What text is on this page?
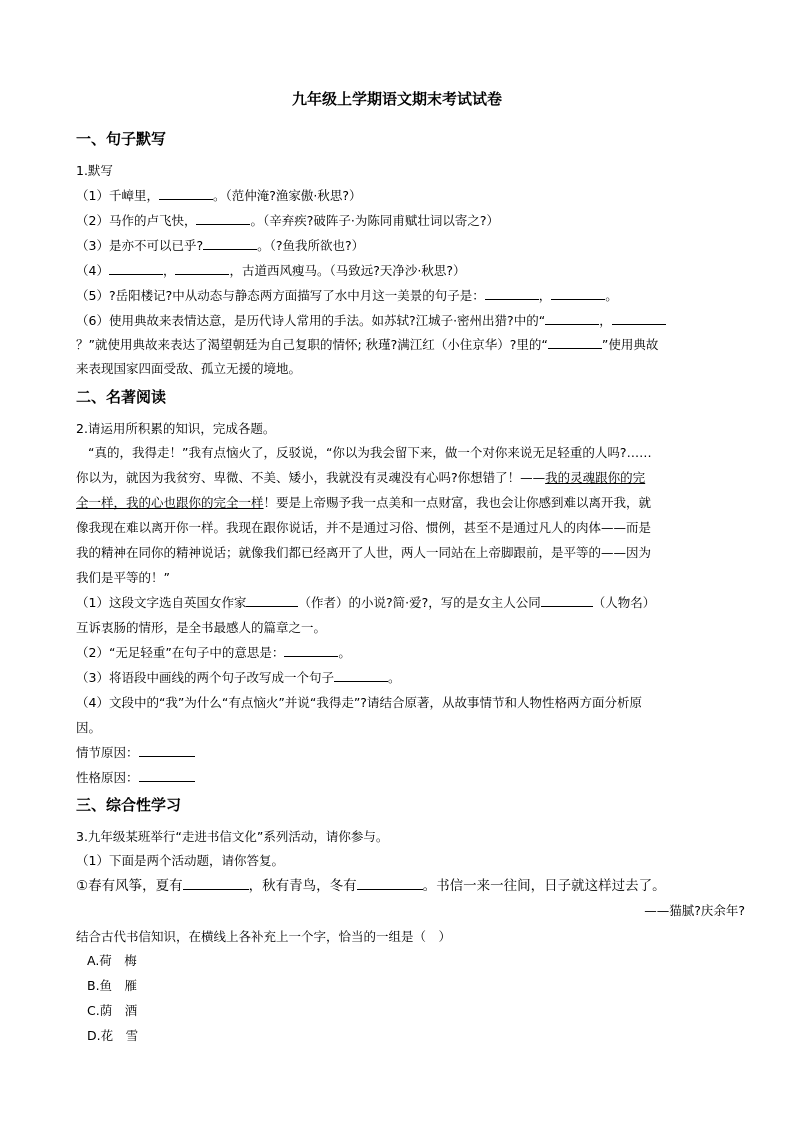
九年级上学期语文期末考试试卷
一、句子默写
1.默写
（1）千嶂里，	。（范仲淹?渔家傲·秋思?）
（2）马作的卢飞快，	。（辛弃疾?破阵子·为陈同甫赋壮词以寄之?）
（3）是亦不可以已乎?	。（?鱼我所欲也?）
（4）	，	，古道西风瘦马。（马致远?天净沙·秋思?）
（5）?岳阳楼记?中从动态与静态两方面描写了水中月这一美景的句子是：	，	。
（6）使用典故来表情达意，是历代诗人常用的手法。如苏轼?江城子·密州出猎?中的“	，
？”就使用典故来表达了渴望朝廷为自己复职的情怀; 秋瑾?满江红（小住京华）?里的“	”使用典故
来表现国家四面受敌、孤立无援的境地。
二、名著阅读
2.请运用所积累的知识，完成各题。
“真的，我得走！”我有点恼火了，反驳说，“你以为我会留下来，做一个对你来说无足轻重的人吗?……
你以为，就因为我贫穷、卑微、不美、矮小，我就没有灵魂没有心吗?你想错了！——我的灵魂跟你的完
全一样，我的心也跟你的完全一样！要是上帝赐予我一点美和一点财富，我也会让你感到难以离开我，就
像我现在难以离开你一样。我现在跟你说话，并不是通过习俗、惯例，甚至不是通过凡人的肉体——而是
我的精神在同你的精神说话；就像我们都已经离开了人世，两人一同站在上帝脚跟前，是平等的——因为
我们是平等的！”
（1）这段文字选自英国女作家	（作者）的小说?简·爱?，写的是女主人公同	（人物名）
互诉衷肠的情形，是全书最感人的篇章之一。
（2）“无足轻重”在句子中的意思是：	。
（3）将语段中画线的两个句子改写成一个句子	。
（4）文段中的“我”为什么“有点恼火”并说“我得走”?请结合原著，从故事情节和人物性格两方面分析原
因。
情节原因：
性格原因：
三、综合性学习
3.九年级某班举行“走进书信文化”系列活动，请你参与。
（1）下面是两个活动题，请你答复。
①春有风筝，夏有	，秋有青鸟，冬有	。书信一来一往间，日子就这样过去了。
——猫腻?庆余年?
结合古代书信知识，在横线上各补充上一个字，恰当的一组是（　）
A.荷　梅
B.鱼　雁
C.荫　酒
D.花　雪
